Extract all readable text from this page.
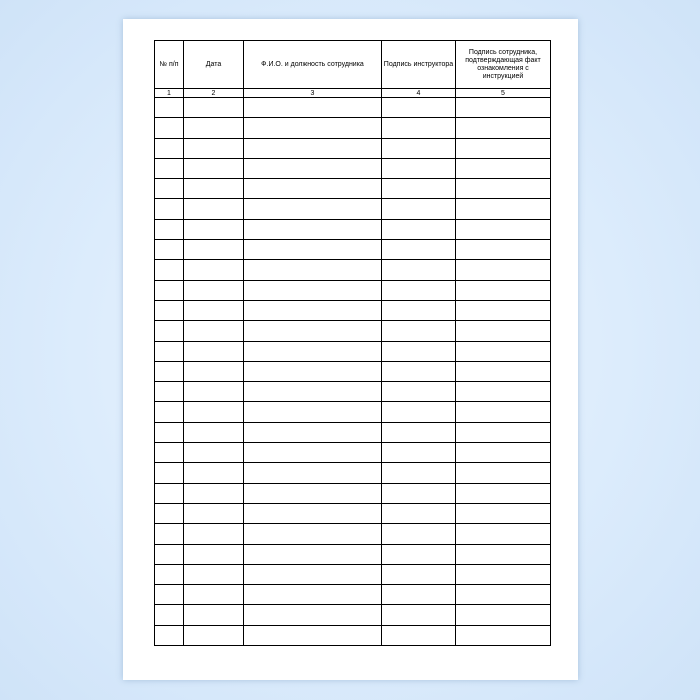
№ п/п	Дата	Ф.И.О. и должность сотрудника	Подпись инструктора	Подпись сотрудника, подтверждающая факт ознакомления с инструкцией
1	2	3	4	5
